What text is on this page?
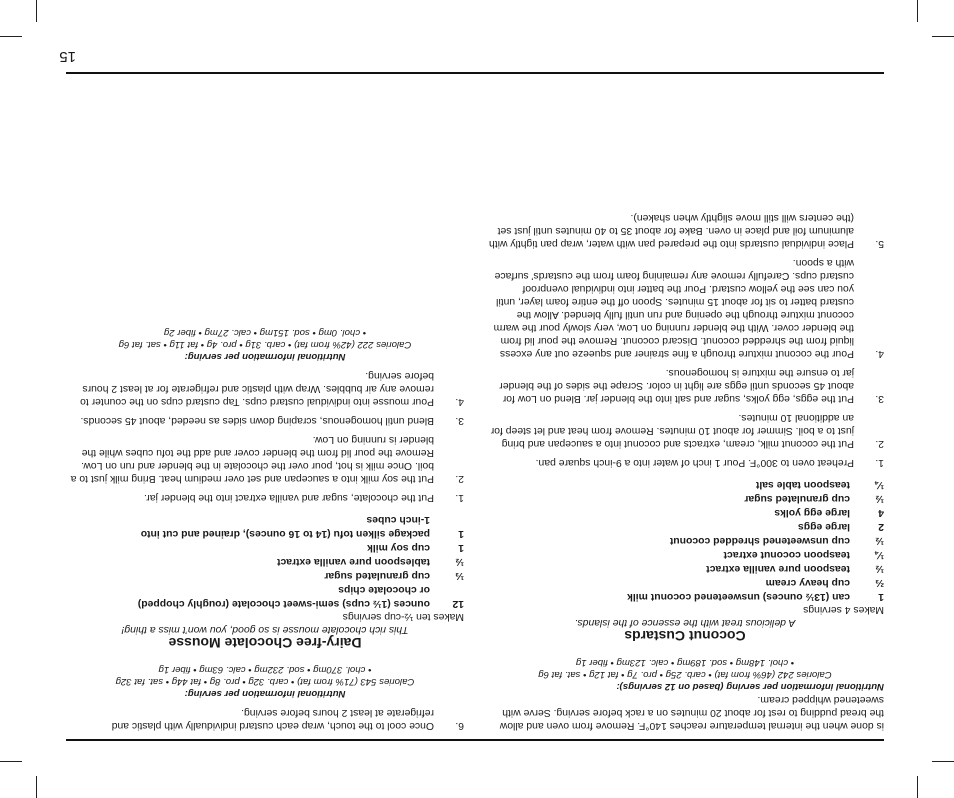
15

is done when the internal temperature reaches 140°F. Remove from oven and allow the bread pudding to rest for about 20 minutes on a rack before serving. Serve with sweetened whipped cream.

Nutritional information per serving (based on 12 servings):

Calories 242 (46% from fat) • carb. 25g • pro. 7g • fat 12g • sat. fat 6g

• chol. 148mg • sod. 189mg • calc. 123mg • fiber 1g

Coconut Custards

A delicious treat with the essence of the islands.

Makes 4 servings

1
can (13½ ounces) unsweetened coconut milk
⅔
cup heavy cream
½
teaspoon pure vanilla extract
¼
teaspoon coconut extract
½
cup unsweetened shredded coconut
2
large eggs
4
large egg yolks
½
cup granulated sugar
¼
teaspoon table salt
1.
Preheat oven to 300°F. Pour 1 inch of water into a 9-inch square pan.
2.
Put the coconut milk, cream, extracts and coconut into a saucepan and bring just to a boil. Simmer for about 10 minutes. Remove from heat and let steep for an additional 10 minutes.
3.
Put the eggs, egg yolks, sugar and salt into the blender jar. Blend on Low for about 45 seconds until eggs are light in color. Scrape the sides of the blender jar to ensure the mixture is homogenous.
4.
Pour the coconut mixture through a fine strainer and squeeze out any excess liquid from the shredded coconut. Discard coconut. Remove the pour lid from the blender cover. With the blender running on Low, very slowly pour the warm coconut mixture through the opening and run until fully blended. Allow the custard batter to sit for about 15 minutes. Spoon off the entire foam layer, until you can see the yellow custard. Pour the batter into individual ovenproof custard cups. Carefully remove any remaining foam from the custards’ surface with a spoon.
5.
Place individual custards into the prepared pan with water, wrap pan tightly with aluminum foil and place in oven. Bake for about 35 to 40 minutes until just set (the centers will still move slightly when shaken).
6.
Once cool to the touch, wrap each custard individually with plastic and refrigerate at least 2 hours before serving.

Nutritional information per serving:

Calories 543 (71% from fat) • carb. 32g • pro. 8g • fat 44g • sat. fat 32g

• chol. 370mg • sod. 232mg • calc. 63mg • fiber 1g

Dairy-free Chocolate Mousse

This rich chocolate mousse is so good, you won’t miss a thing!

Makes ten ½-cup servings

12
ounces (1½ cups) semi-sweet chocolate (roughly chopped)
or chocolate chips
⅓
cup granulated sugar
½
tablespoon pure vanilla extract
1
cup soy milk
1
package silken tofu (14 to 16 ounces), drained and cut into
1-inch cubes
1.
Put the chocolate, sugar and vanilla extract into the blender jar.
2.
Put the soy milk into a saucepan and set over medium heat. Bring milk just to a boil. Once milk is hot, pour over the chocolate in the blender and run on Low. Remove the pour lid from the blender cover and add the tofu cubes while the blender is running on Low.
3.
Blend until homogenous, scraping down sides as needed, about 45 seconds.
4.
Pour mousse into individual custard cups. Tap custard cups on the counter to remove any air bubbles. Wrap with plastic and refrigerate for at least 2 hours before serving.

Nutritional information per serving:

Calories 222 (42% from fat) • carb. 31g • pro. 4g • fat 11g • sat. fat 6g

• chol. 0mg • sod. 151mg • calc. 27mg • fiber 2g
